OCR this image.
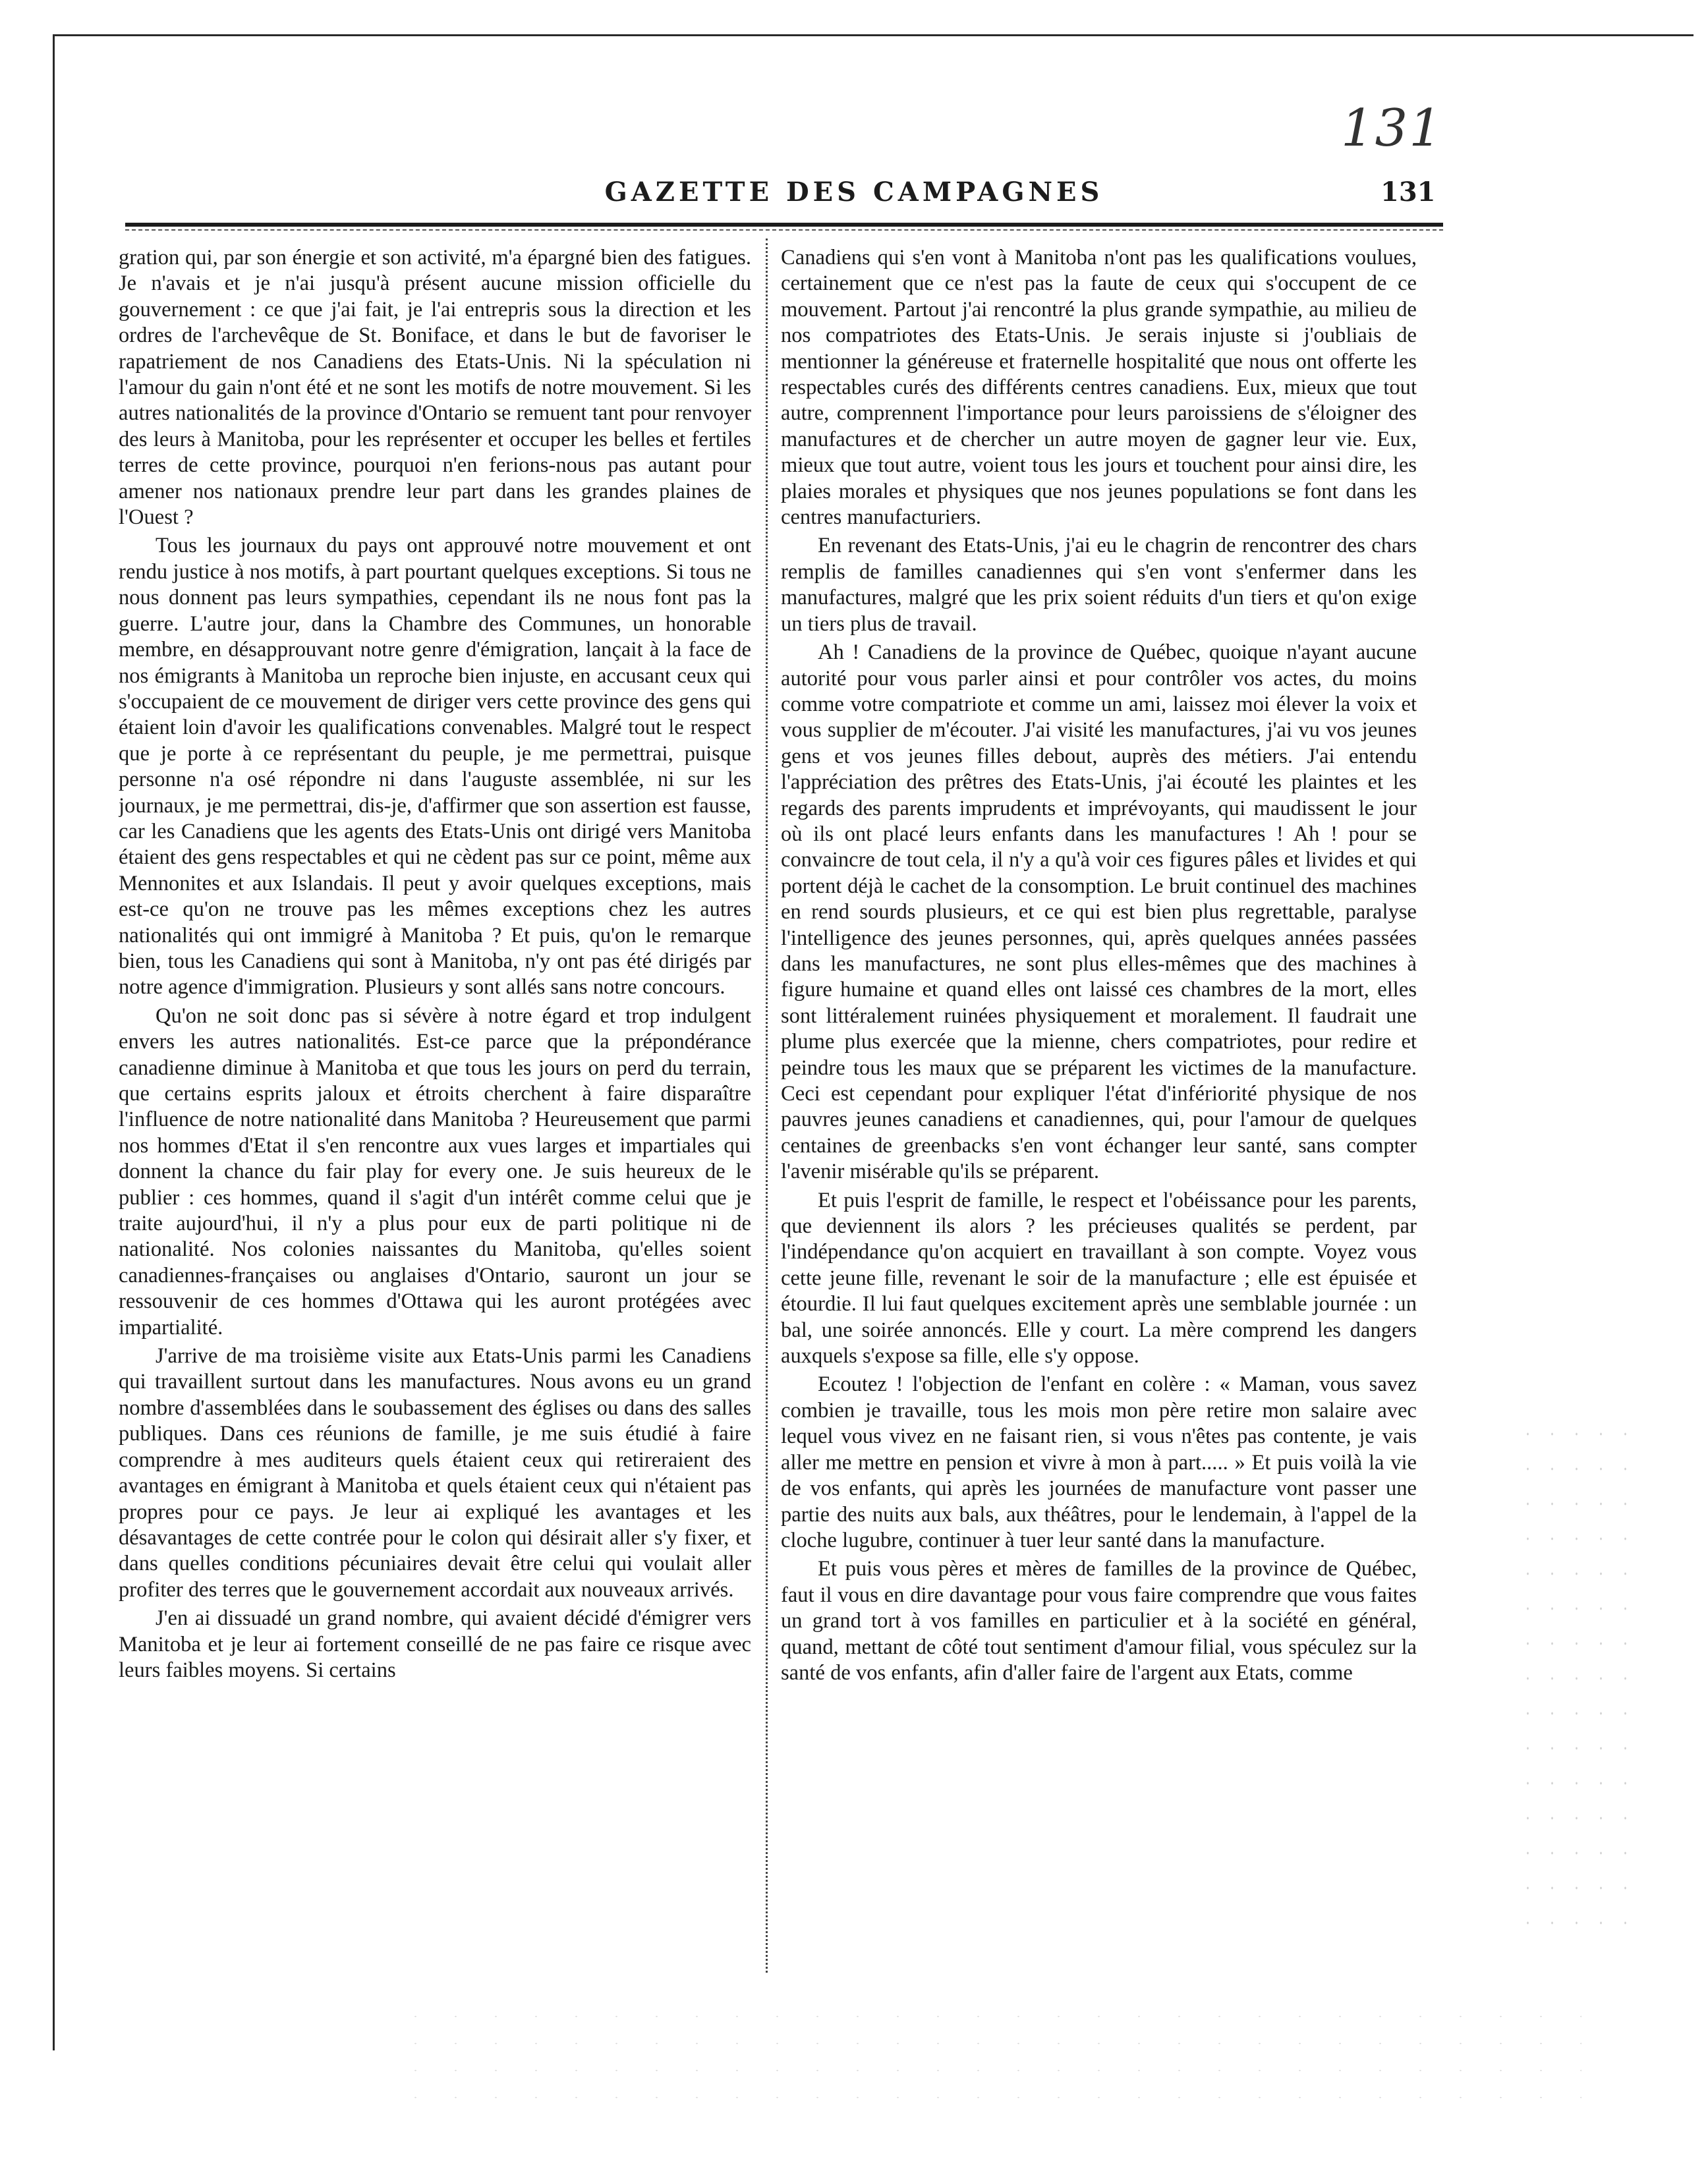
131
GAZETTE DES CAMPAGNES	131

gration qui, par son énergie et son activité, m'a épargné bien des fatigues. Je n'avais et je n'ai jusqu'à présent aucune mission officielle du gouvernement : ce que j'ai fait, je l'ai entrepris sous la direction et les ordres de l'archevêque de St. Boniface, et dans le but de favoriser le rapatriement de nos Canadiens des Etats-Unis. Ni la spéculation ni l'amour du gain n'ont été et ne sont les motifs de notre mouvement. Si les autres nationalités de la province d'Ontario se remuent tant pour renvoyer des leurs à Manitoba, pour les représenter et occuper les belles et fertiles terres de cette province, pourquoi n'en ferions-nous pas autant pour amener nos nationaux prendre leur part dans les grandes plaines de l'Ouest ?

Tous les journaux du pays ont approuvé notre mouvement et ont rendu justice à nos motifs, à part pourtant quelques exceptions. Si tous ne nous donnent pas leurs sympathies, cependant ils ne nous font pas la guerre. L'autre jour, dans la Chambre des Communes, un honorable membre, en désapprouvant notre genre d'émigration, lançait à la face de nos émigrants à Manitoba un reproche bien injuste, en accusant ceux qui s'occupaient de ce mouvement de diriger vers cette province des gens qui étaient loin d'avoir les qualifications convenables. Malgré tout le respect que je porte à ce représentant du peuple, je me permettrai, puisque personne n'a osé répondre ni dans l'auguste assemblée, ni sur les journaux, je me permettrai, dis-je, d'affirmer que son assertion est fausse, car les Canadiens que les agents des Etats-Unis ont dirigé vers Manitoba étaient des gens respectables et qui ne cèdent pas sur ce point, même aux Mennonites et aux Islandais. Il peut y avoir quelques exceptions, mais est-ce qu'on ne trouve pas les mêmes exceptions chez les autres nationalités qui ont immigré à Manitoba ? Et puis, qu'on le remarque bien, tous les Canadiens qui sont à Manitoba, n'y ont pas été dirigés par notre agence d'immigration. Plusieurs y sont allés sans notre concours.

Qu'on ne soit donc pas si sévère à notre égard et trop indulgent envers les autres nationalités. Est-ce parce que la prépondérance canadienne diminue à Manitoba et que tous les jours on perd du terrain, que certains esprits jaloux et étroits cherchent à faire disparaître l'influence de notre nationalité dans Manitoba ? Heureusement que parmi nos hommes d'Etat il s'en rencontre aux vues larges et impartiales qui donnent la chance du fair play for every one. Je suis heureux de le publier : ces hommes, quand il s'agit d'un intérêt comme celui que je traite aujourd'hui, il n'y a plus pour eux de parti politique ni de nationalité. Nos colonies naissantes du Manitoba, qu'elles soient canadiennes-françaises ou anglaises d'Ontario, sauront un jour se ressouvenir de ces hommes d'Ottawa qui les auront protégées avec impartialité.

J'arrive de ma troisième visite aux Etats-Unis parmi les Canadiens qui travaillent surtout dans les manufactures. Nous avons eu un grand nombre d'assemblées dans le soubassement des églises ou dans des salles publiques. Dans ces réunions de famille, je me suis étudié à faire comprendre à mes auditeurs quels étaient ceux qui retireraient des avantages en émigrant à Manitoba et quels étaient ceux qui n'étaient pas propres pour ce pays. Je leur ai expliqué les avantages et les désavantages de cette contrée pour le colon qui désirait aller s'y fixer, et dans quelles conditions pécuniaires devait être celui qui voulait aller profiter des terres que le gouvernement accordait aux nouveaux arrivés.

J'en ai dissuadé un grand nombre, qui avaient décidé d'émigrer vers Manitoba et je leur ai fortement conseillé de ne pas faire ce risque avec leurs faibles moyens. Si certains

Canadiens qui s'en vont à Manitoba n'ont pas les qualifications voulues, certainement que ce n'est pas la faute de ceux qui s'occupent de ce mouvement. Partout j'ai rencontré la plus grande sympathie, au milieu de nos compatriotes des Etats-Unis. Je serais injuste si j'oubliais de mentionner la généreuse et fraternelle hospitalité que nous ont offerte les respectables curés des différents centres canadiens. Eux, mieux que tout autre, comprennent l'importance pour leurs paroissiens de s'éloigner des manufactures et de chercher un autre moyen de gagner leur vie. Eux, mieux que tout autre, voient tous les jours et touchent pour ainsi dire, les plaies morales et physiques que nos jeunes populations se font dans les centres manufacturiers.

En revenant des Etats-Unis, j'ai eu le chagrin de rencontrer des chars remplis de familles canadiennes qui s'en vont s'enfermer dans les manufactures, malgré que les prix soient réduits d'un tiers et qu'on exige un tiers plus de travail.

Ah ! Canadiens de la province de Québec, quoique n'ayant aucune autorité pour vous parler ainsi et pour contrôler vos actes, du moins comme votre compatriote et comme un ami, laissez moi élever la voix et vous supplier de m'écouter. J'ai visité les manufactures, j'ai vu vos jeunes gens et vos jeunes filles debout, auprès des métiers. J'ai entendu l'appréciation des prêtres des Etats-Unis, j'ai écouté les plaintes et les regards des parents imprudents et imprévoyants, qui maudissent le jour où ils ont placé leurs enfants dans les manufactures ! Ah ! pour se convaincre de tout cela, il n'y a qu'à voir ces figures pâles et livides et qui portent déjà le cachet de la consomption. Le bruit continuel des machines en rend sourds plusieurs, et ce qui est bien plus regrettable, paralyse l'intelligence des jeunes personnes, qui, après quelques années passées dans les manufactures, ne sont plus elles-mêmes que des machines à figure humaine et quand elles ont laissé ces chambres de la mort, elles sont littéralement ruinées physiquement et moralement. Il faudrait une plume plus exercée que la mienne, chers compatriotes, pour redire et peindre tous les maux que se préparent les victimes de la manufacture. Ceci est cependant pour expliquer l'état d'infériorité physique de nos pauvres jeunes canadiens et canadiennes, qui, pour l'amour de quelques centaines de greenbacks s'en vont échanger leur santé, sans compter l'avenir misérable qu'ils se préparent.

Et puis l'esprit de famille, le respect et l'obéissance pour les parents, que deviennent ils alors ? les précieuses qualités se perdent, par l'indépendance qu'on acquiert en travaillant à son compte. Voyez vous cette jeune fille, revenant le soir de la manufacture ; elle est épuisée et étourdie. Il lui faut quelques excitement après une semblable journée : un bal, une soirée annoncés. Elle y court. La mère comprend les dangers auxquels s'expose sa fille, elle s'y oppose.

Ecoutez ! l'objection de l'enfant en colère : « Maman, vous savez combien je travaille, tous les mois mon père retire mon salaire avec lequel vous vivez en ne faisant rien, si vous n'êtes pas contente, je vais aller me mettre en pension et vivre à mon à part..... » Et puis voilà la vie de vos enfants, qui après les journées de manufacture vont passer une partie des nuits aux bals, aux théâtres, pour le lendemain, à l'appel de la cloche lugubre, continuer à tuer leur santé dans la manufacture.

Et puis vous pères et mères de familles de la province de Québec, faut il vous en dire davantage pour vous faire comprendre que vous faites un grand tort à vos familles en particulier et à la société en général, quand, mettant de côté tout sentiment d'amour filial, vous spéculez sur la santé de vos enfants, afin d'aller faire de l'argent aux Etats, comme
